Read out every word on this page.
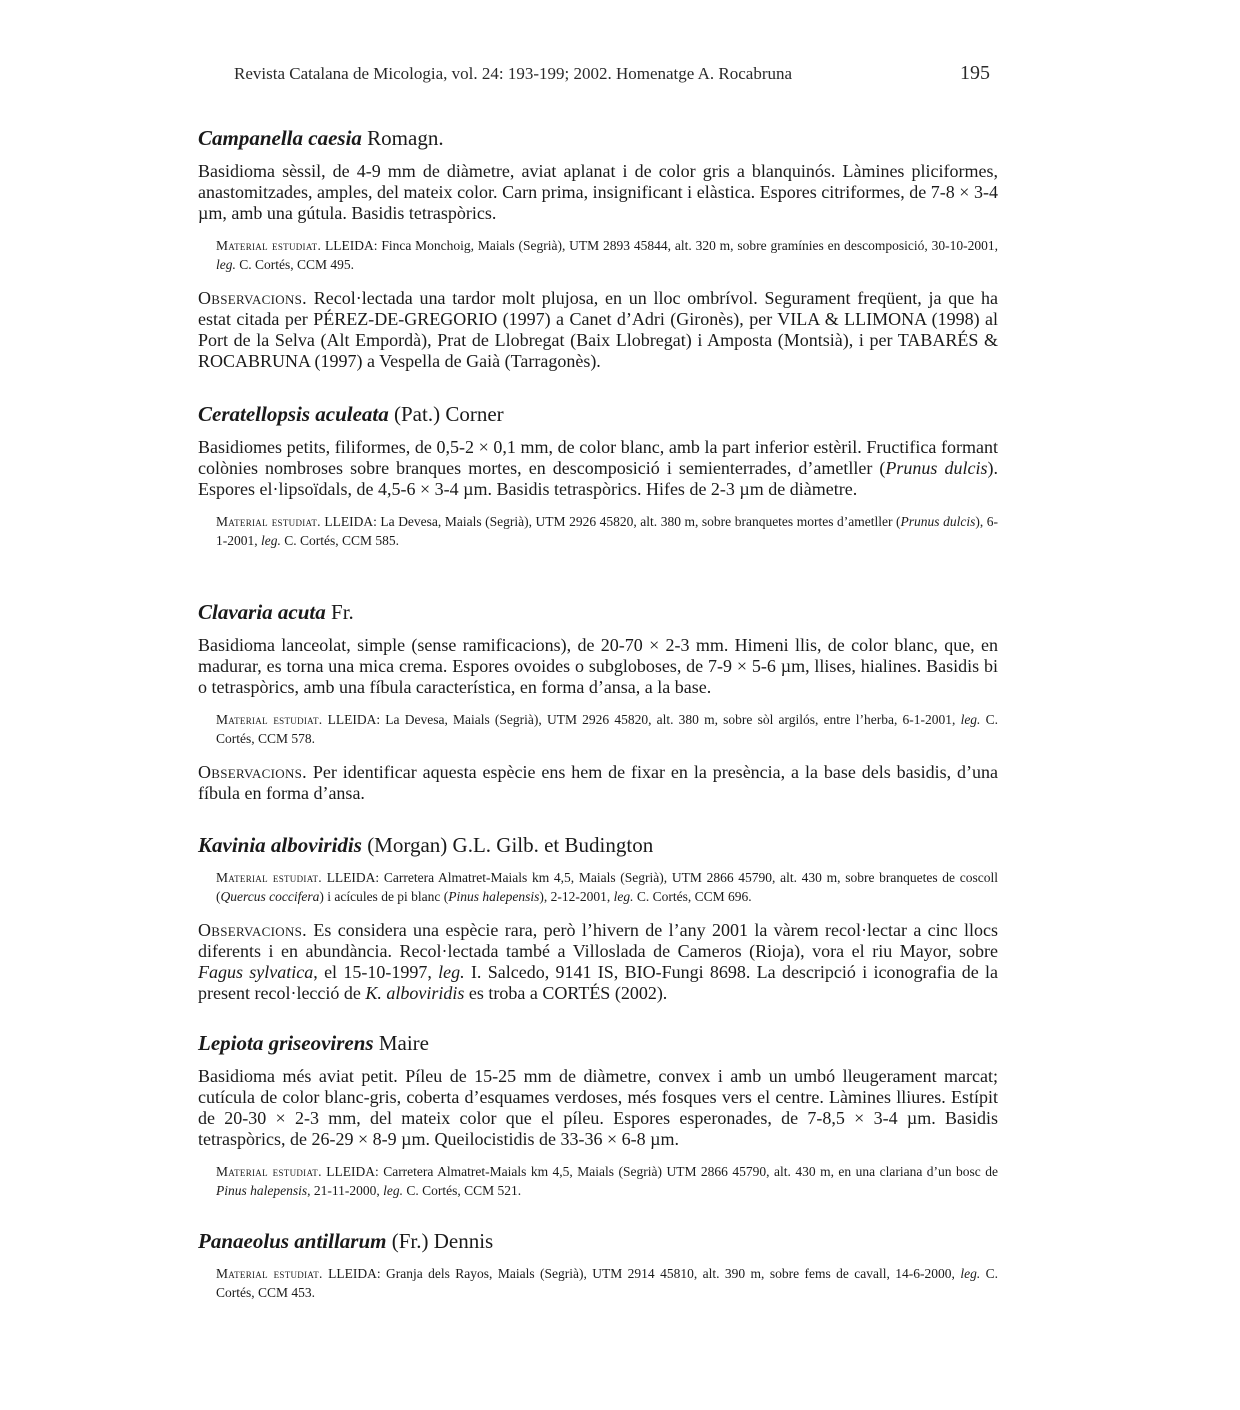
Revista Catalana de Micologia, vol. 24: 193-199; 2002. Homenatge A. Rocabruna	195
Campanella caesia Romagn.

Basidioma sèssil, de 4-9 mm de diàmetre, aviat aplanat i de color gris a blanquinós. Làmines pliciformes, anastomitzades, amples, del mateix color. Carn prima, insignificant i elàstica. Espores citriformes, de 7-8 × 3-4 µm, amb una gútula. Basidis tetraspòrics.

Material estudiat. LLEIDA: Finca Monchoig, Maials (Segrià), UTM 2893 45844, alt. 320 m, sobre gramínies en descomposició, 30-10-2001, leg. C. Cortés, CCM 495.

Observacions. Recol·lectada una tardor molt plujosa, en un lloc ombrívol. Segurament freqüent, ja que ha estat citada per PÉREZ-DE-GREGORIO (1997) a Canet d’Adri (Gironès), per VILA & LLIMONA (1998) al Port de la Selva (Alt Empordà), Prat de Llobregat (Baix Llobregat) i Amposta (Montsià), i per TABARÉS & ROCABRUNA (1997) a Vespella de Gaià (Tarragonès).

Ceratellopsis aculeata (Pat.) Corner

Basidiomes petits, filiformes, de 0,5-2 × 0,1 mm, de color blanc, amb la part inferior estèril. Fructifica formant colònies nombroses sobre branques mortes, en descomposició i semienterrades, d’ametller (Prunus dulcis). Espores el·lipsoïdals, de 4,5-6 × 3-4 µm. Basidis tetraspòrics. Hifes de 2-3 µm de diàmetre.

Material estudiat. LLEIDA: La Devesa, Maials (Segrià), UTM 2926 45820, alt. 380 m, sobre branquetes mortes d’ametller (Prunus dulcis), 6-1-2001, leg. C. Cortés, CCM 585.

Clavaria acuta Fr.

Basidioma lanceolat, simple (sense ramificacions), de 20-70 × 2-3 mm. Himeni llis, de color blanc, que, en madurar, es torna una mica crema. Espores ovoides o subgloboses, de 7-9 × 5-6 µm, llises, hialines. Basidis bi o tetraspòrics, amb una fíbula característica, en forma d’ansa, a la base.

Material estudiat. LLEIDA: La Devesa, Maials (Segrià), UTM 2926 45820, alt. 380 m, sobre sòl argilós, entre l’herba, 6-1-2001, leg. C. Cortés, CCM 578.

Observacions. Per identificar aquesta espècie ens hem de fixar en la presència, a la base dels basidis, d’una fíbula en forma d’ansa.

Kavinia alboviridis (Morgan) G.L. Gilb. et Budington

Material estudiat. LLEIDA: Carretera Almatret-Maials km 4,5, Maials (Segrià), UTM 2866 45790, alt. 430 m, sobre branquetes de coscoll (Quercus coccifera) i acícules de pi blanc (Pinus halepensis), 2-12-2001, leg. C. Cortés, CCM 696.

Observacions. Es considera una espècie rara, però l’hivern de l’any 2001 la vàrem recol·lectar a cinc llocs diferents i en abundància. Recol·lectada també a Villoslada de Cameros (Rioja), vora el riu Mayor, sobre Fagus sylvatica, el 15-10-1997, leg. I. Salcedo, 9141 IS, BIO-Fungi 8698. La descripció i iconografia de la present recol·lecció de K. alboviridis es troba a CORTÉS (2002).

Lepiota griseovirens Maire

Basidioma més aviat petit. Píleu de 15-25 mm de diàmetre, convex i amb un umbó lleugerament marcat; cutícula de color blanc-gris, coberta d’esquames verdoses, més fosques vers el centre. Làmines lliures. Estípit de 20-30 × 2-3 mm, del mateix color que el píleu. Espores esperonades, de 7-8,5 × 3-4 µm. Basidis tetraspòrics, de 26-29 × 8-9 µm. Queilocistidis de 33-36 × 6-8 µm.

Material estudiat. LLEIDA: Carretera Almatret-Maials km 4,5, Maials (Segrià) UTM 2866 45790, alt. 430 m, en una clariana d’un bosc de Pinus halepensis, 21-11-2000, leg. C. Cortés, CCM 521.

Panaeolus antillarum (Fr.) Dennis

Material estudiat. LLEIDA: Granja dels Rayos, Maials (Segrià), UTM 2914 45810, alt. 390 m, sobre fems de cavall, 14-6-2000, leg. C. Cortés, CCM 453.
